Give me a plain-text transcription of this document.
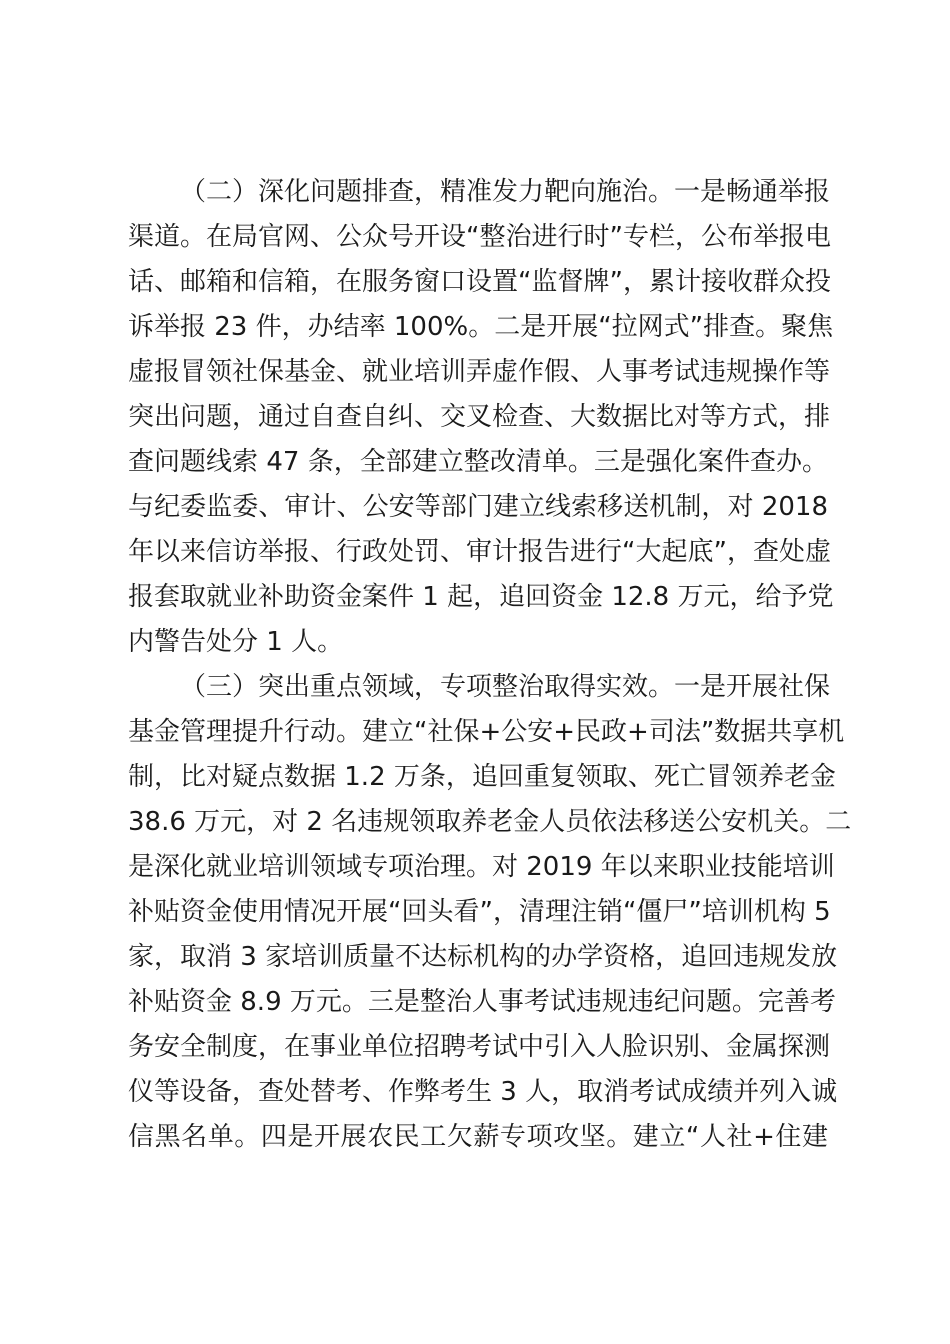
（二）深化问题排查，精准发力靶向施治。一是畅通举报
渠道。在局官网、公众号开设“整治进行时”专栏，公布举报电
话、邮箱和信箱，在服务窗口设置“监督牌”，累计接收群众投
诉举报 23 件，办结率 100%。二是开展“拉网式”排查。聚焦
虚报冒领社保基金、就业培训弄虚作假、人事考试违规操作等
突出问题，通过自查自纠、交叉检查、大数据比对等方式，排
查问题线索 47 条，全部建立整改清单。三是强化案件查办。
与纪委监委、审计、公安等部门建立线索移送机制，对 2018
年以来信访举报、行政处罚、审计报告进行“大起底”，查处虚
报套取就业补助资金案件 1 起，追回资金 12.8 万元，给予党
内警告处分 1 人。
（三）突出重点领域，专项整治取得实效。一是开展社保
基金管理提升行动。建立“社保+公安+民政+司法”数据共享机
制，比对疑点数据 1.2 万条，追回重复领取、死亡冒领养老金
38.6 万元，对 2 名违规领取养老金人员依法移送公安机关。二
是深化就业培训领域专项治理。对 2019 年以来职业技能培训
补贴资金使用情况开展“回头看”，清理注销“僵尸”培训机构 5
家，取消 3 家培训质量不达标机构的办学资格，追回违规发放
补贴资金 8.9 万元。三是整治人事考试违规违纪问题。完善考
务安全制度，在事业单位招聘考试中引入人脸识别、金属探测
仪等设备，查处替考、作弊考生 3 人，取消考试成绩并列入诚
信黑名单。四是开展农民工欠薪专项攻坚。建立“人社+住建
